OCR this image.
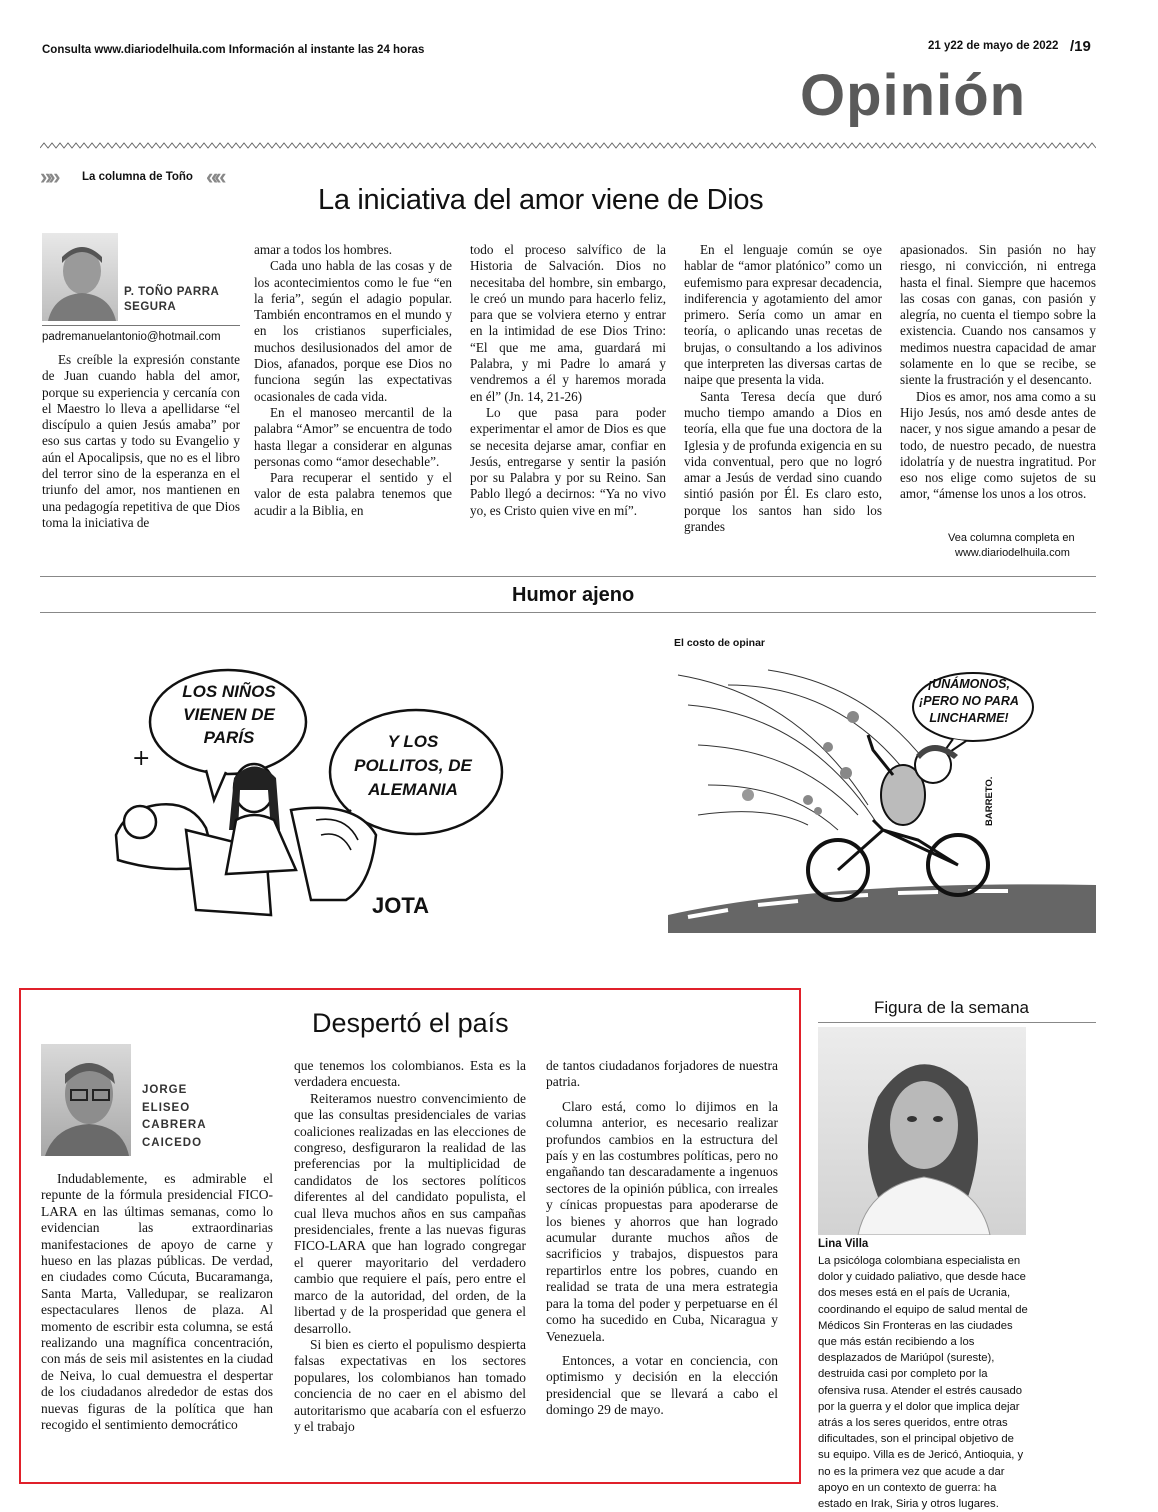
Consulta www.diariodelhuila.com Información al instante las 24 horas	21 y22 de mayo de 2022 /19
Opinión
»» La columna de Toño ««
La iniciativa del amor viene de Dios
P. TOÑO PARRA SEGURA
padremanuelantonio@hotmail.com

Es creíble la expresión constante de Juan cuando habla del amor, porque su experiencia y cercanía con el Maestro lo lleva a apellidarse “el discípulo a quien Jesús amaba” por eso sus cartas y todo su Evangelio y aún el Apocalipsis, que no es el libro del terror sino de la esperanza en el triunfo del amor, nos mantienen en una pedagogía repetitiva de que Dios toma la iniciativa de

amar a todos los hombres.

Cada uno habla de las cosas y de los acontecimientos como le fue “en la feria”, según el adagio popular. También encontramos en el mundo y en los cristianos superficiales, muchos desilusionados del amor de Dios, afanados, porque ese Dios no funciona según las expectativas ocasionales de cada vida.

En el manoseo mercantil de la palabra “Amor” se encuentra de todo hasta llegar a considerar en algunas personas como “amor desechable”.

Para recuperar el sentido y el valor de esta palabra tenemos que acudir a la Biblia, en

todo el proceso salvífico de la Historia de Salvación. Dios no necesitaba del hombre, sin embargo, le creó un mundo para hacerlo feliz, para que se volviera eterno y entrar en la intimidad de ese Dios Trino: “El que me ama, guardará mi Palabra, y mi Padre lo amará y vendremos a él y haremos morada en él” (Jn. 14, 21-26)

Lo que pasa para poder experimentar el amor de Dios es que se necesita dejarse amar, confiar en Jesús, entregarse y sentir la pasión por su Palabra y por su Reino. San Pablo llegó a decirnos: “Ya no vivo yo, es Cristo quien vive en mí”.

En el lenguaje común se oye hablar de “amor platónico” como un eufemismo para expresar decadencia, indiferencia y agotamiento del amor primero. Sería como un amar en teoría, o aplicando unas recetas de brujas, o consultando a los adivinos que interpreten las diversas cartas de naipe que presenta la vida.

Santa Teresa decía que duró mucho tiempo amando a Dios en teoría, ella que fue una doctora de la Iglesia y de profunda exigencia en su vida conventual, pero que no logró amar a Jesús de verdad sino cuando sintió pasión por Él. Es claro esto, porque los santos han sido los grandes

apasionados. Sin pasión no hay riesgo, ni convicción, ni entrega hasta el final. Siempre que hacemos las cosas con ganas, con pasión y alegría, no cuenta el tiempo sobre la existencia. Cuando nos cansamos y medimos nuestra capacidad de amar solamente en lo que se recibe, se siente la frustración y el desencanto.

Dios es amor, nos ama como a su Hijo Jesús, nos amó desde antes de nacer, y nos sigue amando a pesar de todo, de nuestro pecado, de nuestra idolatría y de nuestra ingratitud. Por eso nos elige como sujetos de su amor, “ámense los unos a los otros.

Vea columna completa en
www.diariodelhuila.com
Humor ajeno
+
LOS NIÑOS VIENEN DE PARÍS	Y LOS POLLITOS, DE ALEMANIA
JOTA
El costo de opinar
¡UNÁMONOS, ¡PERO NO PARA LINCHARME!
BARRETO.
Despertó el país
JORGE
ELISEO
CABRERA
CAICEDO

Indudablemente, es admirable el repunte de la fórmula presidencial FICO-LARA en las últimas semanas, como lo evidencian las extraordinarias manifestaciones de apoyo de carne y hueso en las plazas públicas. De verdad, en ciudades como Cúcuta, Bucaramanga, Santa Marta, Valledupar, se realizaron espectaculares llenos de plaza. Al momento de escribir esta columna, se está realizando una magnífica concentración, con más de seis mil asistentes en la ciudad de Neiva, lo cual demuestra el despertar de los ciudadanos alrededor de estas dos nuevas figuras de la política que han recogido el sentimiento democrático

que tenemos los colombianos. Esta es la verdadera encuesta.

Reiteramos nuestro convencimiento de que las consultas presidenciales de varias coaliciones realizadas en las elecciones de congreso, desfiguraron la realidad de las preferencias por la multiplicidad de candidatos de los sectores políticos diferentes al del candidato populista, el cual lleva muchos años en sus campañas presidenciales, frente a las nuevas figuras FICO-LARA que han logrado congregar el querer mayoritario del verdadero cambio que requiere el país, pero entre el marco de la autoridad, del orden, de la libertad y de la prosperidad que genera el desarrollo.

Si bien es cierto el populismo despierta falsas expectativas en los sectores populares, los colombianos han tomado conciencia de no caer en el abismo del autoritarismo que acabaría con el esfuerzo y el trabajo

de tantos ciudadanos forjadores de nuestra patria.

Claro está, como lo dijimos en la columna anterior, es necesario realizar profundos cambios en la estructura del país y en las costumbres políticas, pero no engañando tan descaradamente a ingenuos sectores de la opinión pública, con irreales y cínicas propuestas para apoderarse de los bienes y ahorros que han logrado acumular durante muchos años de sacrificios y trabajos, dispuestos para repartirlos entre los pobres, cuando en realidad se trata de una mera estrategia para la toma del poder y perpetuarse en él como ha sucedido en Cuba, Nicaragua y Venezuela.

Entonces, a votar en conciencia, con optimismo y decisión en la elección presidencial que se llevará a cabo el domingo 29 de mayo.

Figura de la semana
Lina Villa
La psicóloga colombiana especialista en dolor y cuidado paliativo, que desde hace dos meses está en el país de Ucrania, coordinando el equipo de salud mental de Médicos Sin Fronteras en las ciudades que más están recibiendo a los desplazados de Mariúpol (sureste), destruida casi por completo por la ofensiva rusa. Atender el estrés causado por la guerra y el dolor que implica dejar atrás a los seres queridos, entre otras dificultades, son el principal objetivo de su equipo. Villa es de Jericó, Antioquia, y no es la primera vez que acude a dar apoyo en un contexto de guerra: ha estado en Irak, Siria y otros lugares.
